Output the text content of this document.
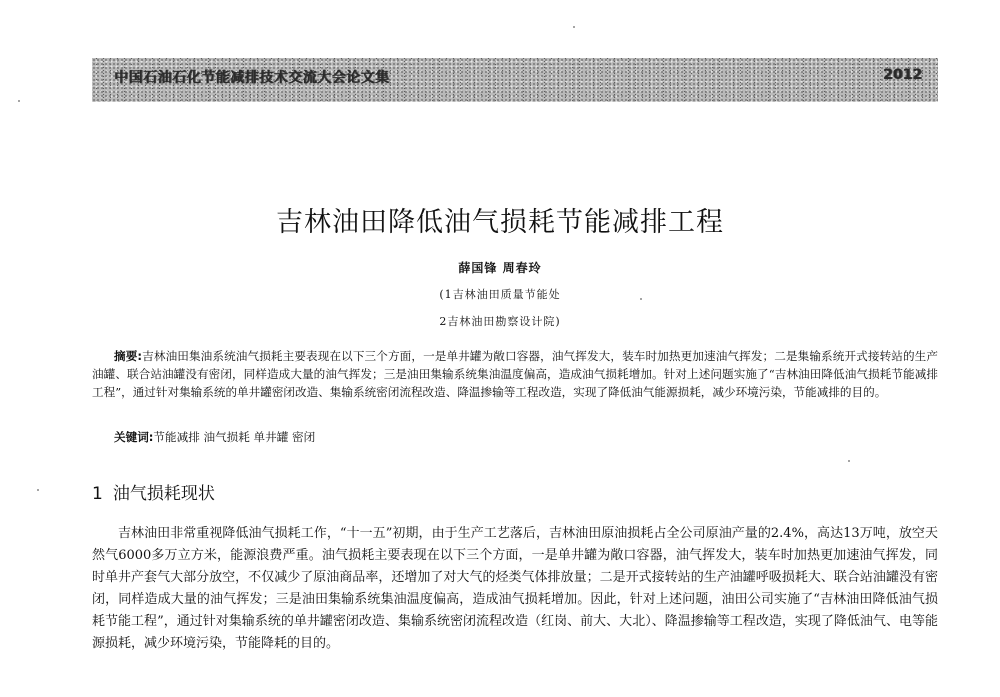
中国石油石化节能减排技术交流大会论文集	2012
吉林油田降低油气损耗节能减排工程
薛国锋 周春玲
(1吉林油田质量节能处
2吉林油田勘察设计院)

摘要:吉林油田集油系统油气损耗主要表现在以下三个方面，一是单井罐为敞口容器，油气挥发大，装车时加热更加速油气挥发；二是集输系统开式接转站的生产油罐、联合站油罐没有密闭，同样造成大量的油气挥发；三是油田集输系统集油温度偏高，造成油气损耗增加。针对上述问题实施了“吉林油田降低油气损耗节能减排工程”，通过针对集输系统的单井罐密闭改造、集输系统密闭流程改造、降温掺输等工程改造，实现了降低油气能源损耗，减少环境污染，节能减排的目的。

关键词:节能减排 油气损耗 单井罐 密闭
1 油气损耗现状

吉林油田非常重视降低油气损耗工作，“十一五”初期，由于生产工艺落后，吉林油田原油损耗占全公司原油产量的2.4%，高达13万吨，放空天然气6000多万立方米，能源浪费严重。油气损耗主要表现在以下三个方面，一是单井罐为敞口容器，油气挥发大，装车时加热更加速油气挥发，同时单井产套气大部分放空，不仅减少了原油商品率，还增加了对大气的烃类气体排放量；二是开式接转站的生产油罐呼吸损耗大、联合站油罐没有密闭，同样造成大量的油气挥发；三是油田集输系统集油温度偏高，造成油气损耗增加。因此，针对上述问题，油田公司实施了“吉林油田降低油气损耗节能工程”，通过针对集输系统的单井罐密闭改造、集输系统密闭流程改造（红岗、前大、大北）、降温掺输等工程改造，实现了降低油气、电等能源损耗，减少环境污染，节能降耗的目的。
